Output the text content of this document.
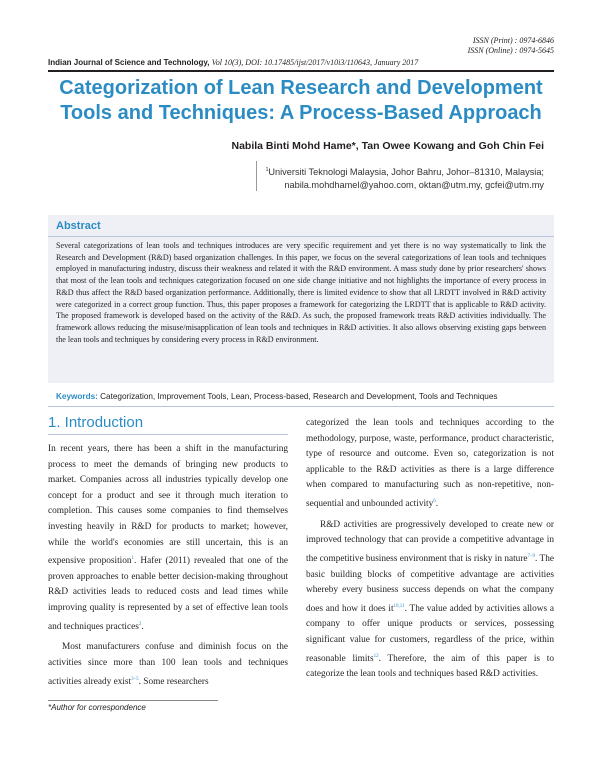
ISSN (Print) : 0974-6846
ISSN (Online) : 0974-5645
Indian Journal of Science and Technology, Vol 10(3), DOI: 10.17485/ijst/2017/v10i3/110643, January 2017
Categorization of Lean Research and Development
Tools and Techniques: A Process-Based Approach
Nabila Binti Mohd Hame*, Tan Owee Kowang and Goh Chin Fei
$^1$Universiti Teknologi Malaysia, Johor Bahru, Johor–81310, Malaysia;
nabila.mohdhamel@yahoo.com, oktan@utm.my, gcfei@utm.my
Abstract
Several categorizations of lean tools and techniques introduces are very specific requirement and yet there is no way systematically to link the Research and Development (R&D) based organization challenges. In this paper, we focus on the several categorizations of lean tools and techniques employed in manufacturing industry, discuss their weakness and related it with the R&D environment. A mass study done by prior researchers' shows that most of the lean tools and techniques categorization focused on one side change initiative and not highlights the importance of every process in R&D thus affect the R&D based organization performance. Additionally, there is limited evidence to show that all LRDTT involved in R&D activity were categorized in a correct group function. Thus, this paper proposes a framework for categorizing the LRDTT that is applicable to R&D activity. The proposed framework is developed based on the activity of the R&D. As such, the proposed framework treats R&D activities individually. The framework allows reducing the misuse/misapplication of lean tools and techniques in R&D activities. It also allows observing existing gaps between the lean tools and techniques by considering every process in R&D environment.
Keywords: Categorization, Improvement Tools, Lean, Process-based, Research and Development, Tools and Techniques
1. Introduction

In recent years, there has been a shift in the manufacturing process to meet the demands of bringing new products to market. Companies across all industries typically develop one concept for a product and see it through much iteration to completion. This causes some companies to find themselves investing heavily in R&D for products to market; however, while the world's economies are still uncertain, this is an expensive proposition$^1$. Hafer (2011) revealed that one of the proven approaches to enable better decision-making throughout R&D activities leads to reduced costs and lead times while improving quality is represented by a set of effective lean tools and techniques practices$^2$.

Most manufacturers confuse and diminish focus on the activities since more than 100 lean tools and techniques activities already exist$^{3-5}$. Some researchers

categorized the lean tools and techniques according to the methodology, purpose, waste, performance, product characteristic, type of resource and outcome. Even so, categorization is not applicable to the R&D activities as there is a large difference when compared to manufacturing such as non-repetitive, non-sequential and unbounded activity$^6$.

R&D activities are progressively developed to create new or improved technology that can provide a competitive advantage in the competitive business environment that is risky in nature$^{7-9}$. The basic building blocks of competitive advantage are activities whereby every business success depends on what the company does and how it does it$^{10,11}$. The value added by activities allows a company to offer unique products or services, possessing significant value for customers, regardless of the price, within reasonable limits$^{12}$. Therefore, the aim of this paper is to categorize the lean tools and techniques based R&D activities.

*Author for correspondence
